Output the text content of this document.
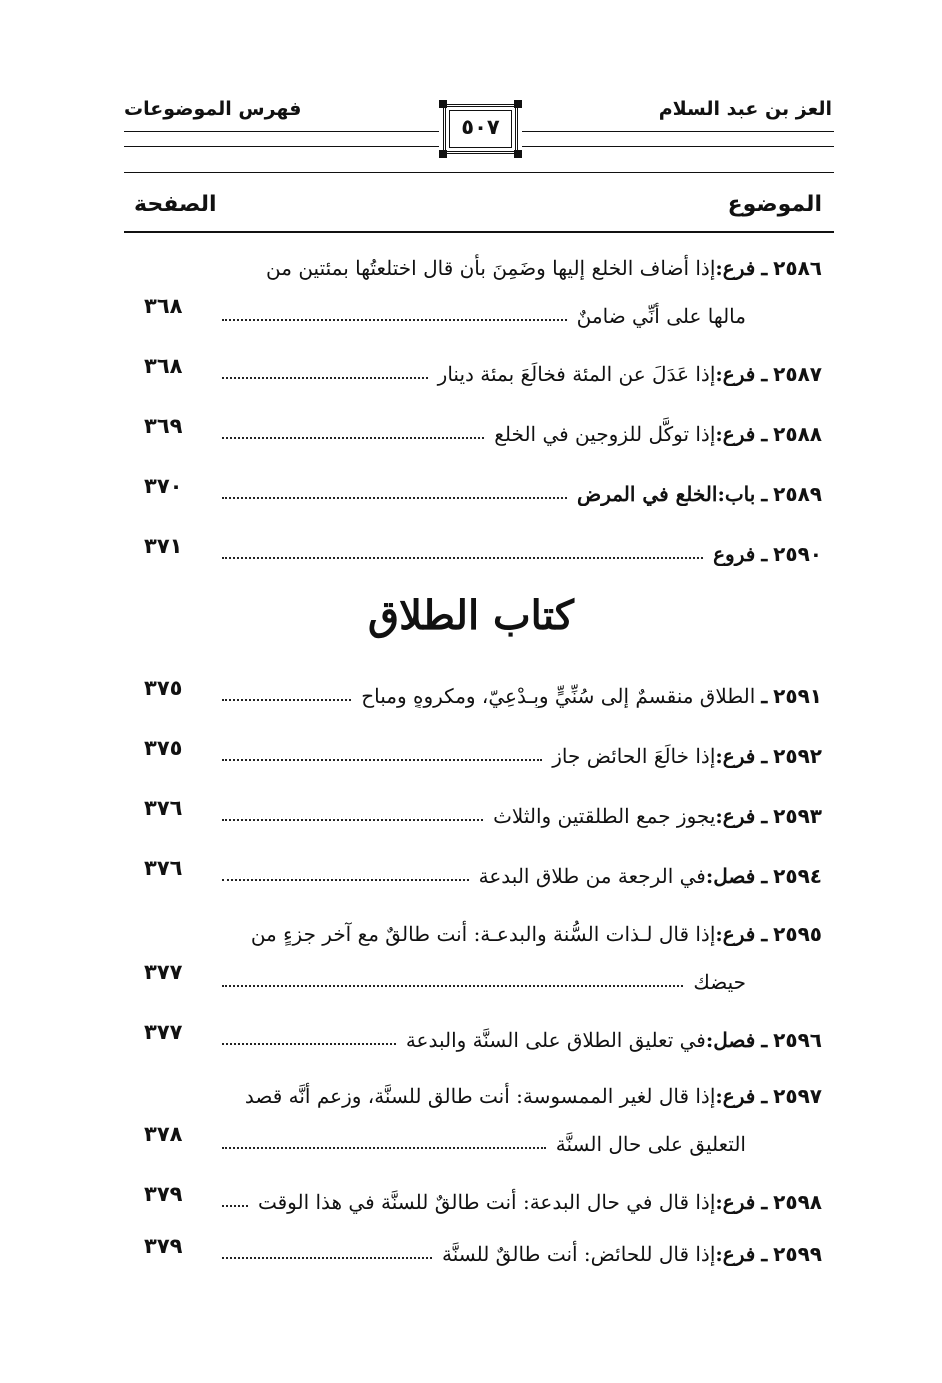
العز بن عبد السلام
٥٠٧
فهرس الموضوعات
الموضوع
الصفحة
٢٥٨٦
ـ
فرع:
إذا أضاف الخلع إليها وضَمِنَ بأن قال اختلعتُها بمئتين من
مالها على أنِّي ضامنٌ
٣٦٨
٢٥٨٧
ـ
فرع:
إذا عَدَلَ عن المئة فخالَعَ بمئة دينار
٣٦٨
٢٥٨٨
ـ
فرع:
إذا توكَّل للزوجين في الخلع
٣٦٩
٢٥٨٩
ـ
باب:
الخلع في المرض
٣٧٠
٢٥٩٠
ـ
فروع
٣٧١
كتاب الطلاق
٢٥٩١
ـ
الطلاق منقسمٌ إلى سُنِّيٍّ وبِـدْعِيّ، ومكروهٍ ومباح
٣٧٥
٢٥٩٢
ـ
فرع:
إذا خالَعَ الحائض جاز
٣٧٥
٢٥٩٣
ـ
فرع:
يجوز جمع الطلقتين والثلاث
٣٧٦
٢٥٩٤
ـ
فصل:
في الرجعة من طلاق البدعة
٣٧٦
٢٥٩٥
ـ
فرع:
إذا قال لـذات السُّنة والبدعـة: أنت طالقٌ مع آخر جزءٍ من
حيضك
٣٧٧
٢٥٩٦
ـ
فصل:
في تعليق الطلاق على السنَّة والبدعة
٣٧٧
٢٥٩٧
ـ
فرع:
إذا قال لغير الممسوسة: أنت طالق للسنَّة، وزعم أنَّه قصد
التعليق على حال السنَّة
٣٧٨
٢٥٩٨
ـ
فرع:
إذا قال في حال البدعة: أنت طالقٌ للسنَّة في هذا الوقت
٣٧٩
٢٥٩٩
ـ
فرع:
إذا قال للحائض: أنت طالقٌ للسنَّة
٣٧٩
